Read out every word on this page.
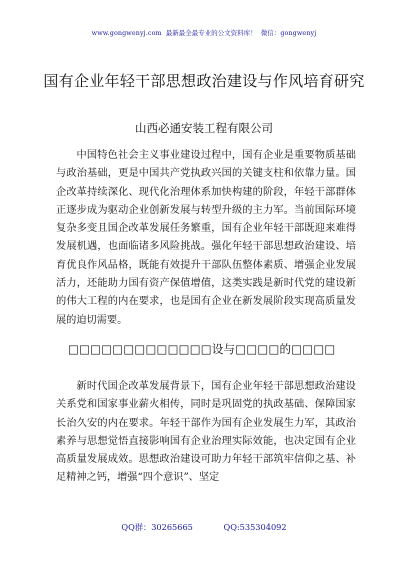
www.gongwenyj.com 最新最全最专业的公文资料库！ 微信：gongwenyj
国有企业年轻干部思想政治建设与作风培育研究
山西必通安装工程有限公司
中国特色社会主义事业建设过程中，国有企业是重要物质基础与政治基础，更是中国共产党执政兴国的关键支柱和依靠力量。国企改革持续深化、现代化治理体系加快构建的阶段，年轻干部群体正逐步成为驱动企业创新发展与转型升级的主力军。当前国际环境复杂多变且国企改革发展任务繁重，国有企业年轻干部既迎来难得发展机遇，也面临诸多风险挑战。强化年轻干部思想政治建设、培育优良作风品格，既能有效提升干部队伍整体素质、增强企业发展活力，还能助力国有资产保值增值，这类实践是新时代党的建设新的伟大工程的内在要求，也是国有企业在新发展阶段实现高质量发展的迫切需要。
□□□□□□□□□□□□□设与□□□□的□□□□
新时代国企改革发展背景下，国有企业年轻干部思想政治建设关系党和国家事业薪火相传，同时是巩固党的执政基础、保障国家长治久安的内在要求。年轻干部作为国有企业发展生力军，其政治素养与思想觉悟直接影响国有企业治理实际效能，也决定国有企业高质量发展成效。思想政治建设可助力年轻干部筑牢信仰之基、补足精神之钙，增强“四个意识”、坚定
QQ群：30265665	QQ:535304092
